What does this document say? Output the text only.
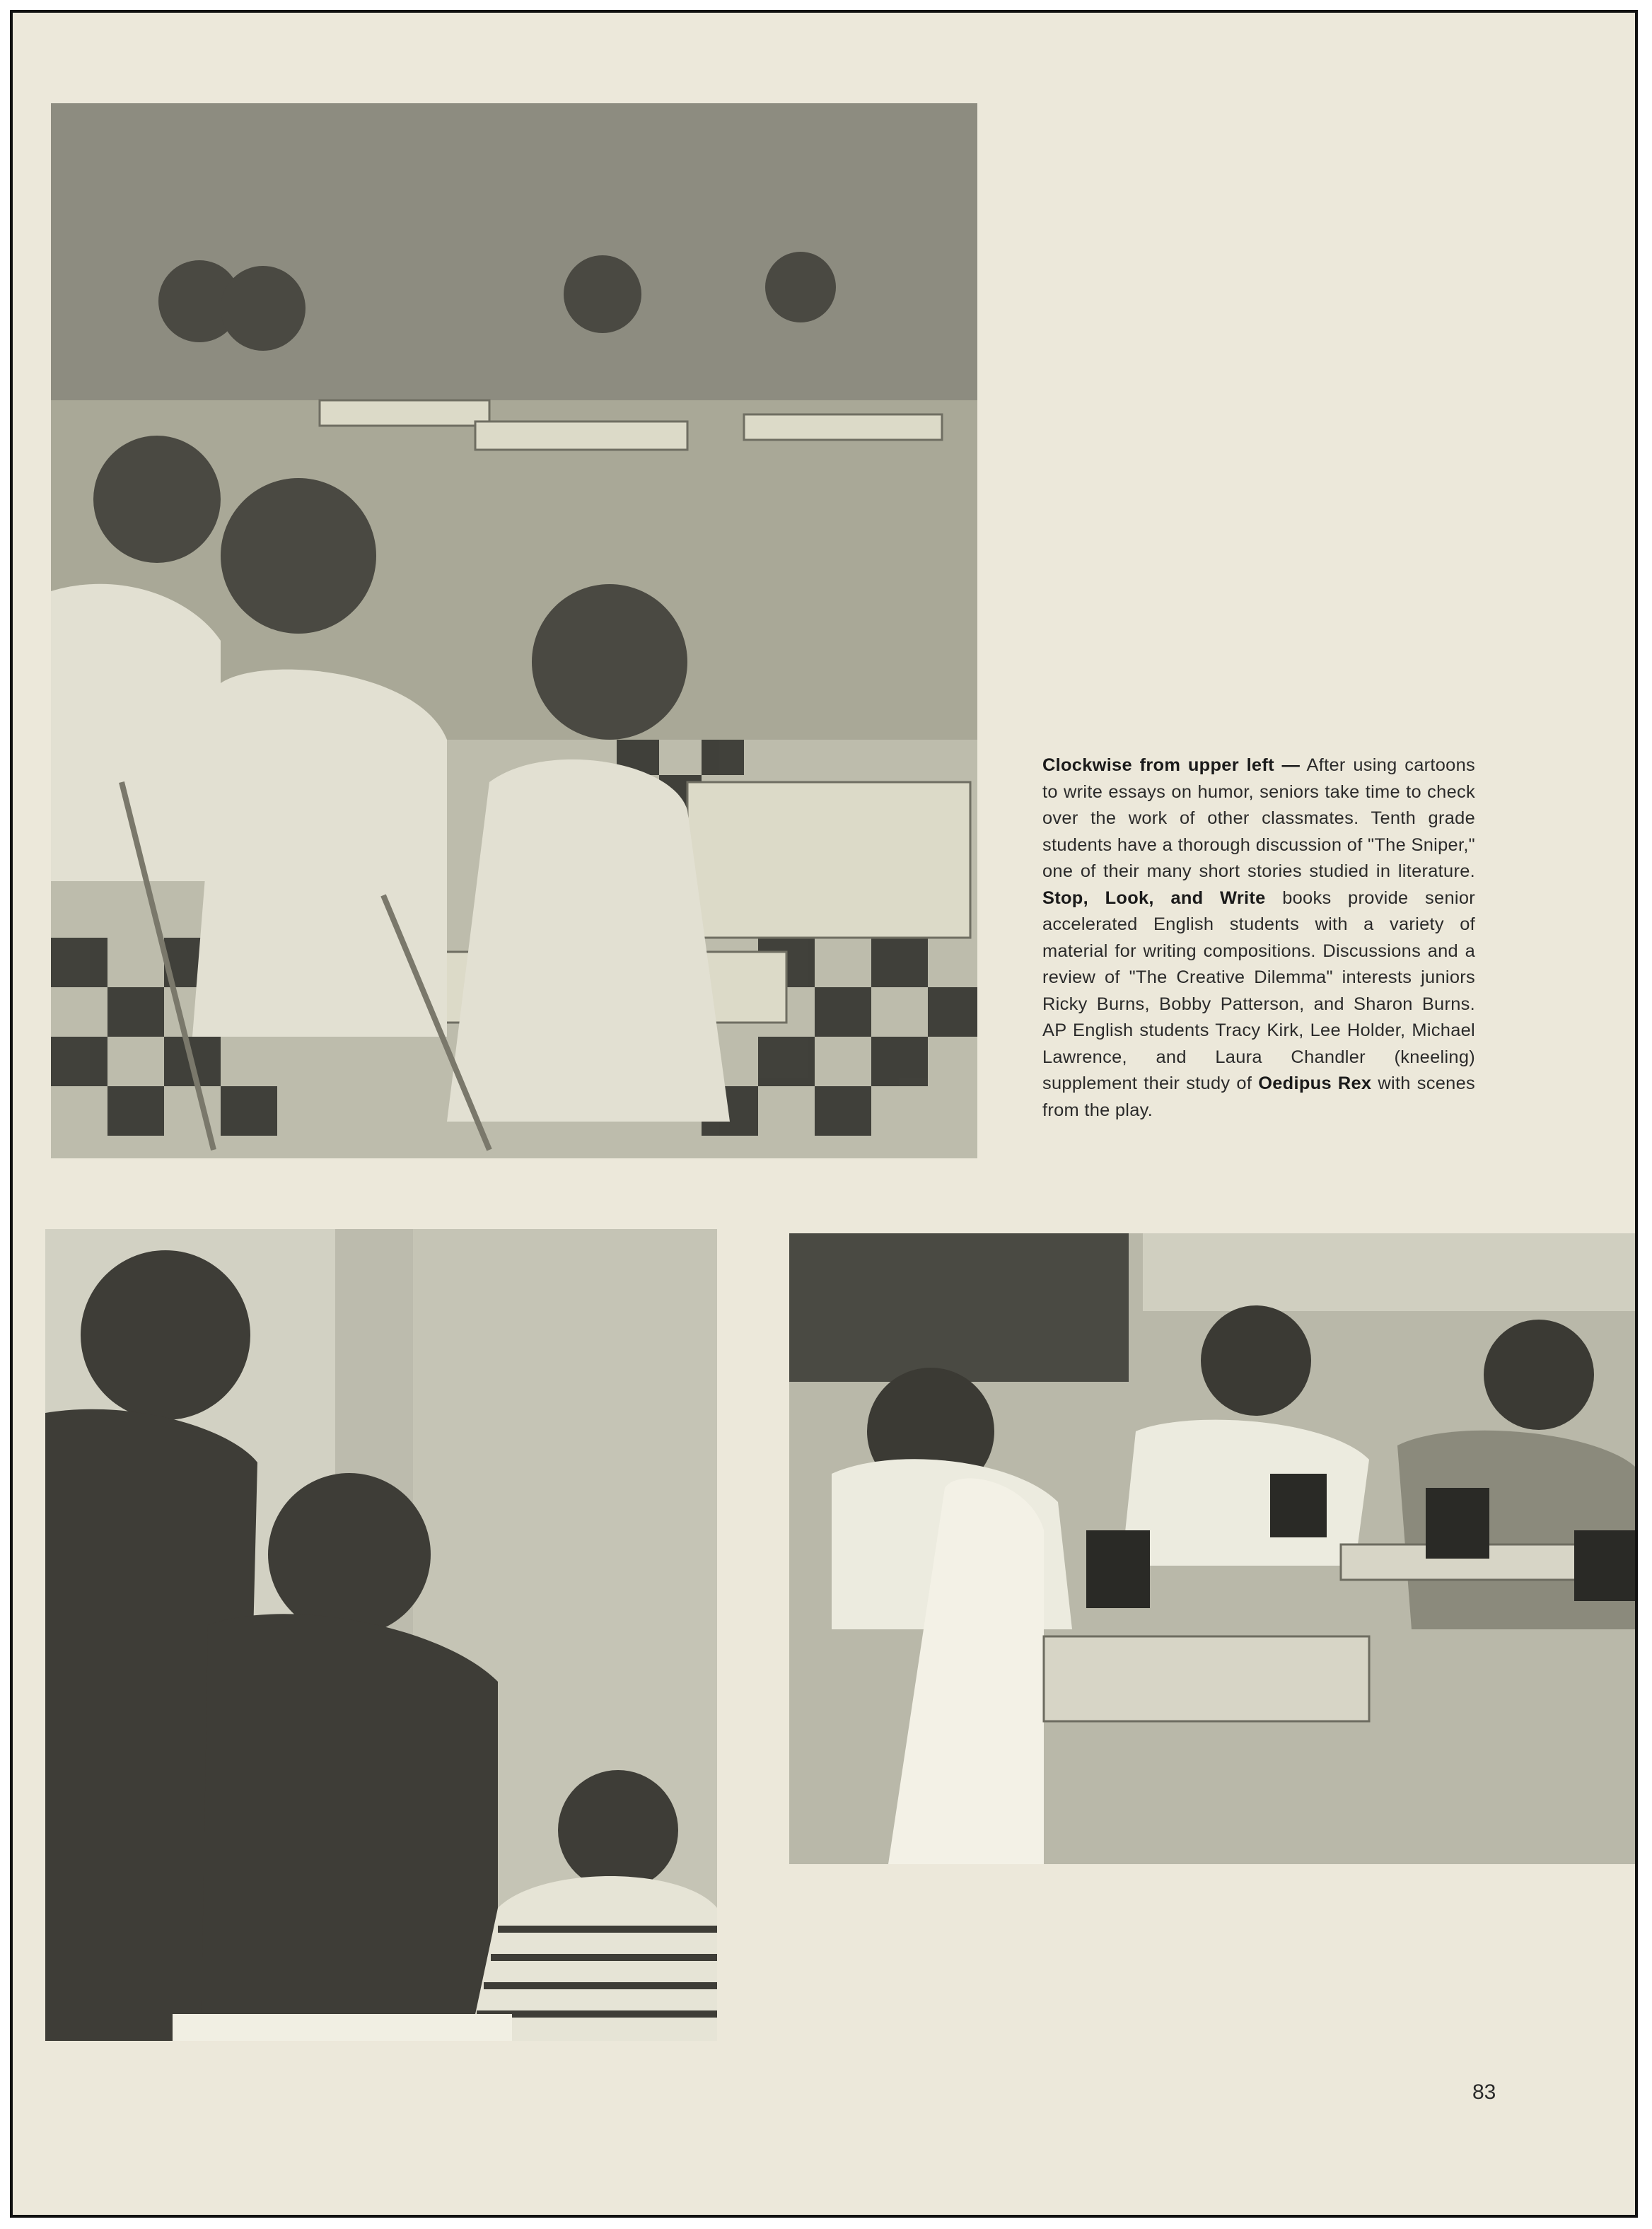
Clockwise from upper left — After using cartoons to write essays on humor, seniors take time to check over the work of other classmates. Tenth grade students have a thorough discussion of "The Sniper," one of their many short stories studied in literature. Stop, Look, and Write books provide senior accelerated English students with a variety of material for writing compositions. Discussions and a review of "The Creative Dilemma" interests juniors Ricky Burns, Bobby Patterson, and Sharon Burns. AP English students Tracy Kirk, Lee Holder, Michael Lawrence, and Laura Chandler (kneeling) supplement their study of Oedipus Rex with scenes from the play.
83
